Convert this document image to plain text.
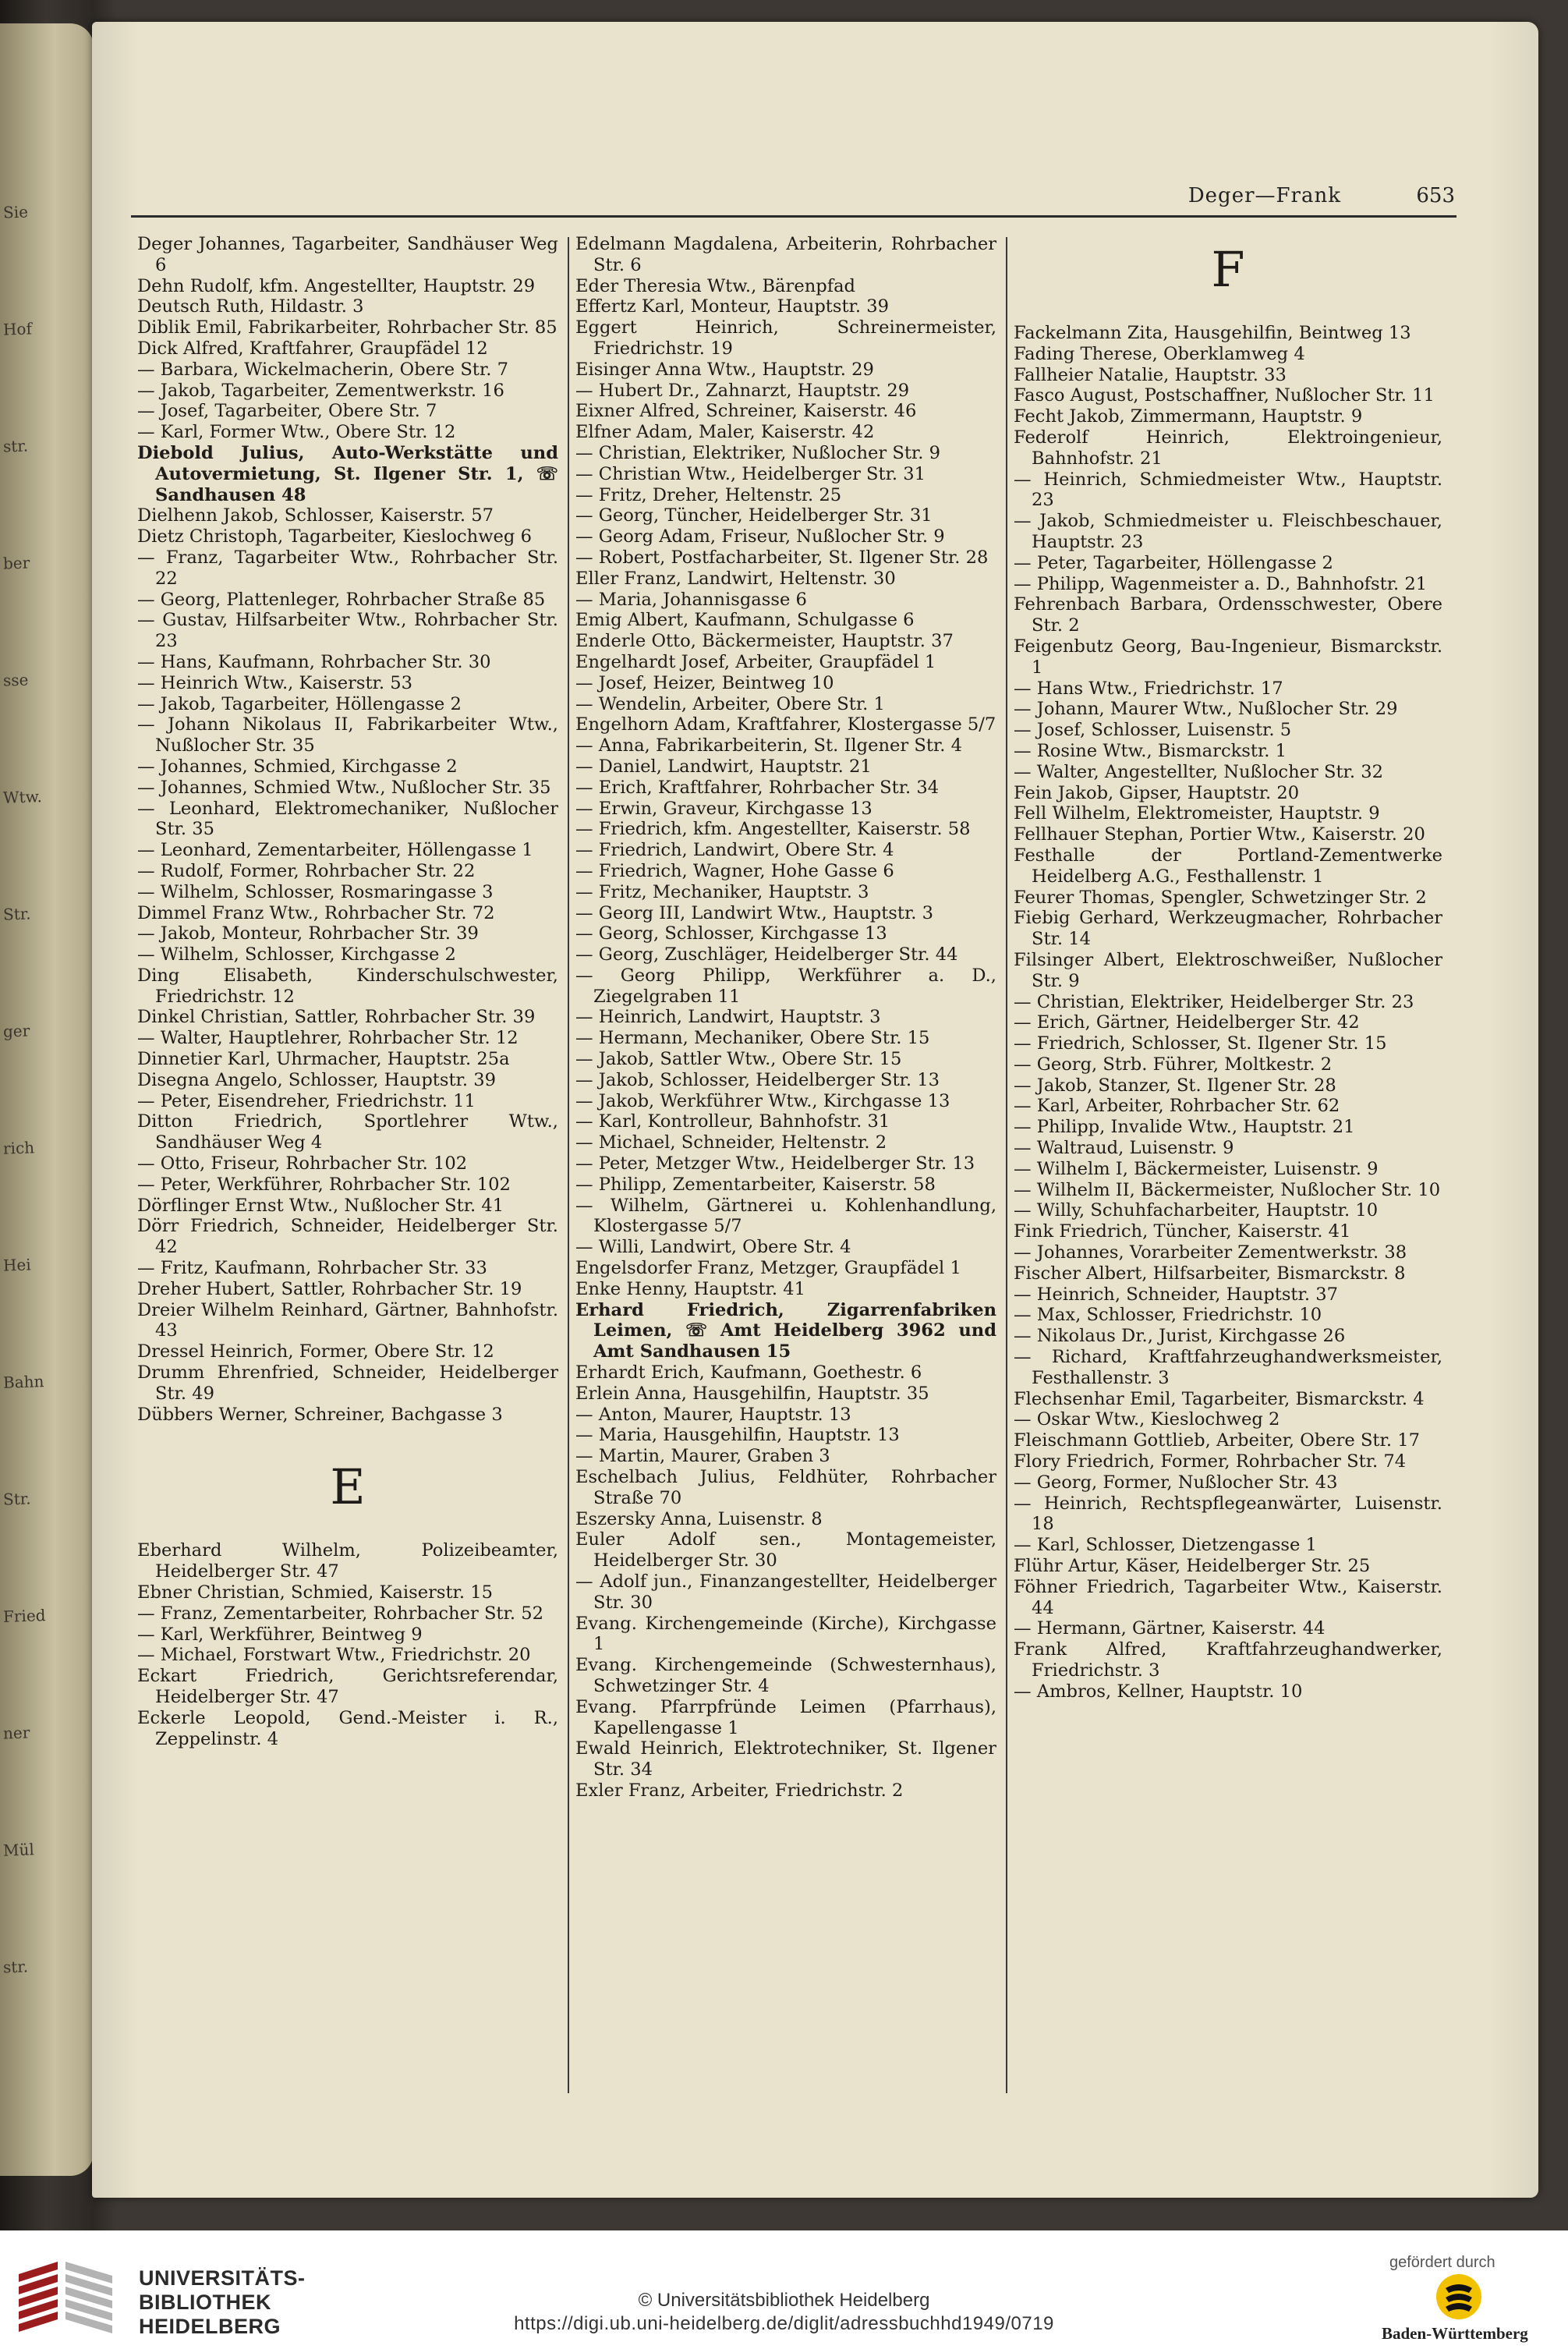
Sie
Hof
str.
ber
sse
Wtw.
Str.
ger
rich
Hei
Bahn
Str.
Fried
ner
Mül
str.
Deger—Frank	653
Deger Johannes, Tagarbeiter, Sandhäuser Weg 6
Dehn Rudolf, kfm. Angestellter, Hauptstr. 29
Deutsch Ruth, Hildastr. 3
Diblik Emil, Fabrikarbeiter, Rohrbacher Str. 85
Dick Alfred, Kraftfahrer, Graupfädel 12
— Barbara, Wickelmacherin, Obere Str. 7
— Jakob, Tagarbeiter, Zementwerkstr. 16
— Josef, Tagarbeiter, Obere Str. 7
— Karl, Former Wtw., Obere Str. 12
Diebold Julius, Auto-Werkstätte und Autovermietung, St. Ilgener Str. 1, ☏ Sandhausen 48
Dielhenn Jakob, Schlosser, Kaiserstr. 57
Dietz Christoph, Tagarbeiter, Kieslochweg 6
— Franz, Tagarbeiter Wtw., Rohrbacher Str. 22
— Georg, Plattenleger, Rohrbacher Straße 85
— Gustav, Hilfsarbeiter Wtw., Rohrbacher Str. 23
— Hans, Kaufmann, Rohrbacher Str. 30
— Heinrich Wtw., Kaiserstr. 53
— Jakob, Tagarbeiter, Höllengasse 2
— Johann Nikolaus II, Fabrikarbeiter Wtw., Nußlocher Str. 35
— Johannes, Schmied, Kirchgasse 2
— Johannes, Schmied Wtw., Nußlocher Str. 35
— Leonhard, Elektromechaniker, Nußlocher Str. 35
— Leonhard, Zementarbeiter, Höllengasse 1
— Rudolf, Former, Rohrbacher Str. 22
— Wilhelm, Schlosser, Rosmaringasse 3
Dimmel Franz Wtw., Rohrbacher Str. 72
— Jakob, Monteur, Rohrbacher Str. 39
— Wilhelm, Schlosser, Kirchgasse 2
Ding Elisabeth, Kinderschulschwester, Friedrichstr. 12
Dinkel Christian, Sattler, Rohrbacher Str. 39
— Walter, Hauptlehrer, Rohrbacher Str. 12
Dinnetier Karl, Uhrmacher, Hauptstr. 25a
Disegna Angelo, Schlosser, Hauptstr. 39
— Peter, Eisendreher, Friedrichstr. 11
Ditton Friedrich, Sportlehrer Wtw., Sandhäuser Weg 4
— Otto, Friseur, Rohrbacher Str. 102
— Peter, Werkführer, Rohrbacher Str. 102
Dörflinger Ernst Wtw., Nußlocher Str. 41
Dörr Friedrich, Schneider, Heidelberger Str. 42
— Fritz, Kaufmann, Rohrbacher Str. 33
Dreher Hubert, Sattler, Rohrbacher Str. 19
Dreier Wilhelm Reinhard, Gärtner, Bahnhofstr. 43
Dressel Heinrich, Former, Obere Str. 12
Drumm Ehrenfried, Schneider, Heidelberger Str. 49
Dübbers Werner, Schreiner, Bachgasse 3
E
Eberhard Wilhelm, Polizeibeamter, Heidelberger Str. 47
Ebner Christian, Schmied, Kaiserstr. 15
— Franz, Zementarbeiter, Rohrbacher Str. 52
— Karl, Werkführer, Beintweg 9
— Michael, Forstwart Wtw., Friedrichstr. 20
Eckart Friedrich, Gerichtsreferendar, Heidelberger Str. 47
Eckerle Leopold, Gend.-Meister i. R., Zeppelinstr. 4
Edelmann Magdalena, Arbeiterin, Rohrbacher Str. 6
Eder Theresia Wtw., Bärenpfad
Effertz Karl, Monteur, Hauptstr. 39
Eggert Heinrich, Schreinermeister, Friedrichstr. 19
Eisinger Anna Wtw., Hauptstr. 29
— Hubert Dr., Zahnarzt, Hauptstr. 29
Eixner Alfred, Schreiner, Kaiserstr. 46
Elfner Adam, Maler, Kaiserstr. 42
— Christian, Elektriker, Nußlocher Str. 9
— Christian Wtw., Heidelberger Str. 31
— Fritz, Dreher, Heltenstr. 25
— Georg, Tüncher, Heidelberger Str. 31
— Georg Adam, Friseur, Nußlocher Str. 9
— Robert, Postfacharbeiter, St. Ilgener Str. 28
Eller Franz, Landwirt, Heltenstr. 30
— Maria, Johannisgasse 6
Emig Albert, Kaufmann, Schulgasse 6
Enderle Otto, Bäckermeister, Hauptstr. 37
Engelhardt Josef, Arbeiter, Graupfädel 1
— Josef, Heizer, Beintweg 10
— Wendelin, Arbeiter, Obere Str. 1
Engelhorn Adam, Kraftfahrer, Klostergasse 5/7
— Anna, Fabrikarbeiterin, St. Ilgener Str. 4
— Daniel, Landwirt, Hauptstr. 21
— Erich, Kraftfahrer, Rohrbacher Str. 34
— Erwin, Graveur, Kirchgasse 13
— Friedrich, kfm. Angestellter, Kaiserstr. 58
— Friedrich, Landwirt, Obere Str. 4
— Friedrich, Wagner, Hohe Gasse 6
— Fritz, Mechaniker, Hauptstr. 3
— Georg III, Landwirt Wtw., Hauptstr. 3
— Georg, Schlosser, Kirchgasse 13
— Georg, Zuschläger, Heidelberger Str. 44
— Georg Philipp, Werkführer a. D., Ziegelgraben 11
— Heinrich, Landwirt, Hauptstr. 3
— Hermann, Mechaniker, Obere Str. 15
— Jakob, Sattler Wtw., Obere Str. 15
— Jakob, Schlosser, Heidelberger Str. 13
— Jakob, Werkführer Wtw., Kirchgasse 13
— Karl, Kontrolleur, Bahnhofstr. 31
— Michael, Schneider, Heltenstr. 2
— Peter, Metzger Wtw., Heidelberger Str. 13
— Philipp, Zementarbeiter, Kaiserstr. 58
— Wilhelm, Gärtnerei u. Kohlenhandlung, Klostergasse 5/7
— Willi, Landwirt, Obere Str. 4
Engelsdorfer Franz, Metzger, Graupfädel 1
Enke Henny, Hauptstr. 41
Erhard Friedrich, Zigarrenfabriken Leimen, ☏ Amt Heidelberg 3962 und Amt Sandhausen 15
Erhardt Erich, Kaufmann, Goethestr. 6
Erlein Anna, Hausgehilfin, Hauptstr. 35
— Anton, Maurer, Hauptstr. 13
— Maria, Hausgehilfin, Hauptstr. 13
— Martin, Maurer, Graben 3
Eschelbach Julius, Feldhüter, Rohrbacher Straße 70
Eszersky Anna, Luisenstr. 8
Euler Adolf sen., Montagemeister, Heidelberger Str. 30
— Adolf jun., Finanzangestellter, Heidelberger Str. 30
Evang. Kirchengemeinde (Kirche), Kirchgasse 1
Evang. Kirchengemeinde (Schwesternhaus), Schwetzinger Str. 4
Evang. Pfarrpfründe Leimen (Pfarrhaus), Kapellengasse 1
Ewald Heinrich, Elektrotechniker, St. Ilgener Str. 34
Exler Franz, Arbeiter, Friedrichstr. 2
F
Fackelmann Zita, Hausgehilfin, Beintweg 13
Fading Therese, Oberklamweg 4
Fallheier Natalie, Hauptstr. 33
Fasco August, Postschaffner, Nußlocher Str. 11
Fecht Jakob, Zimmermann, Hauptstr. 9
Federolf Heinrich, Elektroingenieur, Bahnhofstr. 21
— Heinrich, Schmiedmeister Wtw., Hauptstr. 23
— Jakob, Schmiedmeister u. Fleischbeschauer, Hauptstr. 23
— Peter, Tagarbeiter, Höllengasse 2
— Philipp, Wagenmeister a. D., Bahnhofstr. 21
Fehrenbach Barbara, Ordensschwester, Obere Str. 2
Feigenbutz Georg, Bau-Ingenieur, Bismarckstr. 1
— Hans Wtw., Friedrichstr. 17
— Johann, Maurer Wtw., Nußlocher Str. 29
— Josef, Schlosser, Luisenstr. 5
— Rosine Wtw., Bismarckstr. 1
— Walter, Angestellter, Nußlocher Str. 32
Fein Jakob, Gipser, Hauptstr. 20
Fell Wilhelm, Elektromeister, Hauptstr. 9
Fellhauer Stephan, Portier Wtw., Kaiserstr. 20
Festhalle der Portland-Zementwerke Heidelberg A.G., Festhallenstr. 1
Feurer Thomas, Spengler, Schwetzinger Str. 2
Fiebig Gerhard, Werkzeugmacher, Rohrbacher Str. 14
Filsinger Albert, Elektroschweißer, Nußlocher Str. 9
— Christian, Elektriker, Heidelberger Str. 23
— Erich, Gärtner, Heidelberger Str. 42
— Friedrich, Schlosser, St. Ilgener Str. 15
— Georg, Strb. Führer, Moltkestr. 2
— Jakob, Stanzer, St. Ilgener Str. 28
— Karl, Arbeiter, Rohrbacher Str. 62
— Philipp, Invalide Wtw., Hauptstr. 21
— Waltraud, Luisenstr. 9
— Wilhelm I, Bäckermeister, Luisenstr. 9
— Wilhelm II, Bäckermeister, Nußlocher Str. 10
— Willy, Schuhfacharbeiter, Hauptstr. 10
Fink Friedrich, Tüncher, Kaiserstr. 41
— Johannes, Vorarbeiter Zementwerkstr. 38
Fischer Albert, Hilfsarbeiter, Bismarckstr. 8
— Heinrich, Schneider, Hauptstr. 37
— Max, Schlosser, Friedrichstr. 10
— Nikolaus Dr., Jurist, Kirchgasse 26
— Richard, Kraftfahrzeughandwerksmeister, Festhallenstr. 3
Flechsenhar Emil, Tagarbeiter, Bismarckstr. 4
— Oskar Wtw., Kieslochweg 2
Fleischmann Gottlieb, Arbeiter, Obere Str. 17
Flory Friedrich, Former, Rohrbacher Str. 74
— Georg, Former, Nußlocher Str. 43
— Heinrich, Rechtspflegeanwärter, Luisenstr. 18
— Karl, Schlosser, Dietzengasse 1
Flühr Artur, Käser, Heidelberger Str. 25
Föhner Friedrich, Tagarbeiter Wtw., Kaiserstr. 44
— Hermann, Gärtner, Kaiserstr. 44
Frank Alfred, Kraftfahrzeughandwerker, Friedrichstr. 3
— Ambros, Kellner, Hauptstr. 10
UNIVERSITÄTS-
BIBLIOTHEK
HEIDELBERG
© Universitätsbibliothek Heidelberg
https://digi.ub.uni-heidelberg.de/diglit/adressbuchhd1949/0719
gefördert durch
Baden-Württemberg
